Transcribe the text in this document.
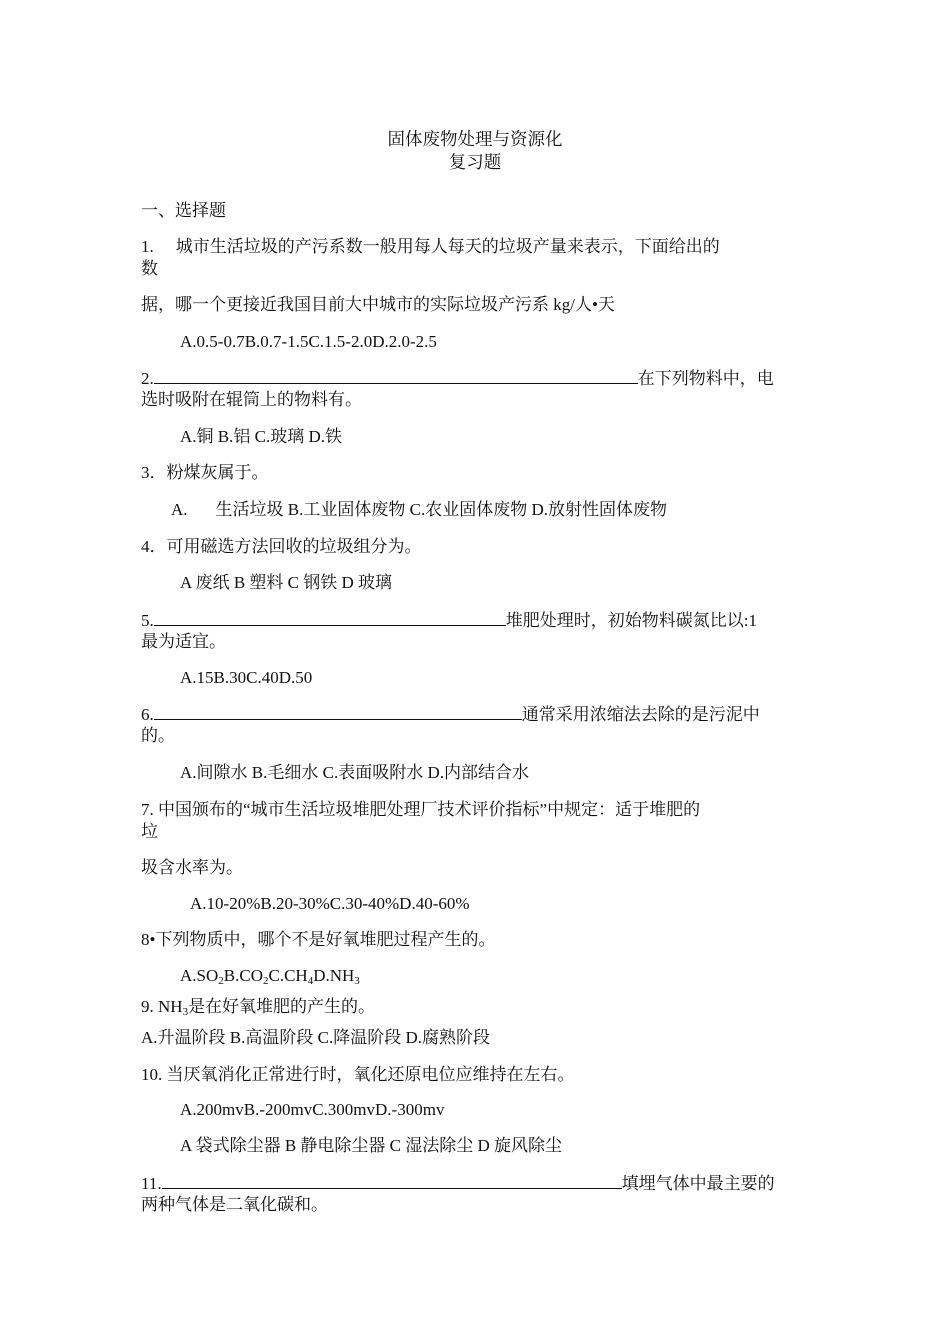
固体废物处理与资源化
复习题
一、选择题
1. 城市生活垃圾的产污系数一般用每人每天的垃圾产量来表示，下面给出的
数
据，哪一个更接近我国目前大中城市的实际垃圾产污系 kg/人•天
A.0.5-0.7B.0.7-1.5C.1.5-2.0D.2.0-2.5
2.	在下列物料中，电
选时吸附在辊筒上的物料有。
A.铜 B.铝 C.玻璃 D.铁
3．粉煤灰属于。
A. 生活垃圾 B.工业固体废物 C.农业固体废物 D.放射性固体废物
4．可用磁选方法回收的垃圾组分为。
A 废纸 B 塑料 C 钢铁 D 玻璃
5.	堆肥处理时，初始物料碳氮比以:1
最为适宜。
A.15B.30C.40D.50
6.	通常采用浓缩法去除的是污泥中
的。
A.间隙水 B.毛细水 C.表面吸附水 D.内部结合水
7. 中国颁布的“城市生活垃圾堆肥处理厂技术评价指标”中规定：适于堆肥的
垃
圾含水率为。
A.10-20%B.20-30%C.30-40%D.40-60%
8•下列物质中，哪个不是好氧堆肥过程产生的。
$A.SO_2B.CO_2C.CH_4D.NH_3$
9. $NH_3$是在好氧堆肥的产生的。
A.升温阶段 B.高温阶段 C.降温阶段 D.腐熟阶段
10. 当厌氧消化正常进行时，氧化还原电位应维持在左右。
A.200mvB.-200mvC.300mvD.-300mv
A 袋式除尘器 B 静电除尘器 C 湿法除尘 D 旋风除尘
11.	填埋气体中最主要的
两种气体是二氧化碳和。
